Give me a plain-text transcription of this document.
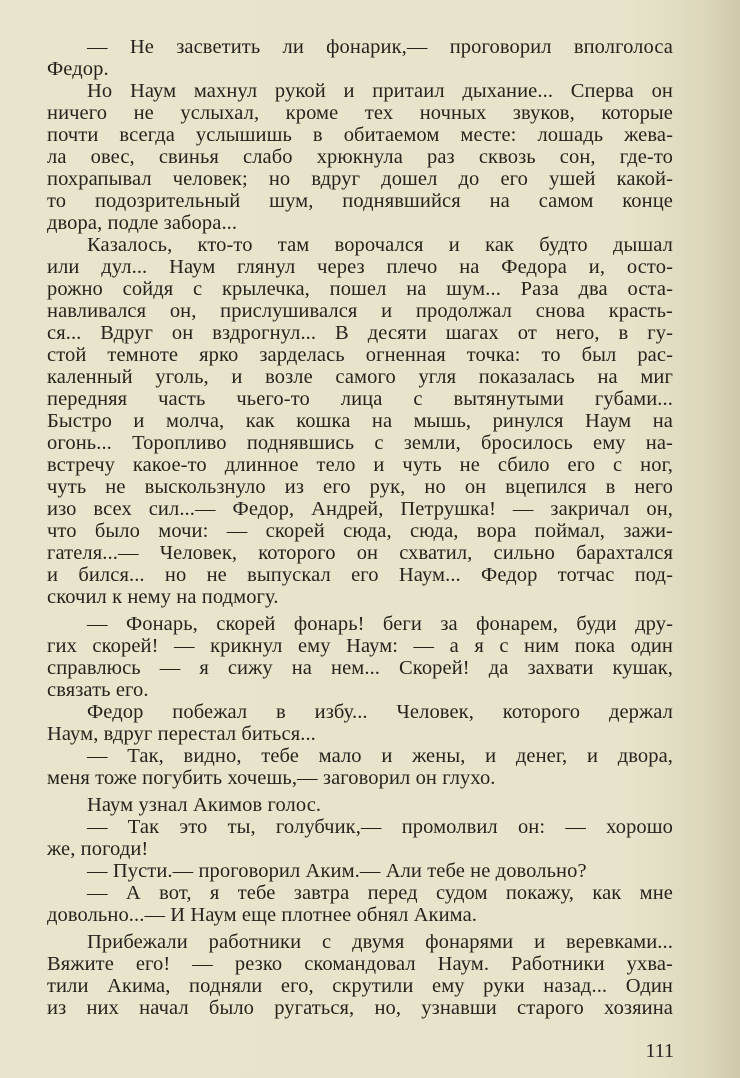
— Не засветить ли фонарик,— проговорил вполголоса
Федор.
Но Наум махнул рукой и притаил дыхание... Сперва он
ничего не услыхал, кроме тех ночных звуков, которые
почти всегда услышишь в обитаемом месте: лошадь жева-
ла овес, свинья слабо хрюкнула раз сквозь сон, где-то
похрапывал человек; но вдруг дошел до его ушей какой-
то подозрительный шум, поднявшийся на самом конце
двора, подле забора...
Казалось, кто-то там ворочался и как будто дышал
или дул... Наум глянул через плечо на Федора и, осто-
рожно сойдя с крылечка, пошел на шум... Раза два оста-
навливался он, прислушивался и продолжал снова красть-
ся... Вдруг он вздрогнул... В десяти шагах от него, в гу-
стой темноте ярко зарделась огненная точка: то был рас-
каленный уголь, и возле самого угля показалась на миг
передняя часть чьего-то лица с вытянутыми губами...
Быстро и молча, как кошка на мышь, ринулся Наум на
огонь... Торопливо поднявшись с земли, бросилось ему на-
встречу какое-то длинное тело и чуть не сбило его с ног,
чуть не выскользнуло из его рук, но он вцепился в него
изо всех сил...— Федор, Андрей, Петрушка! — закричал он,
что было мочи: — скорей сюда, сюда, вора поймал, зажи-
гателя...— Человек, которого он схватил, сильно барахтался
и бился... но не выпускал его Наум... Федор тотчас под-
скочил к нему на подмогу.
— Фонарь, скорей фонарь! беги за фонарем, буди дру-
гих скорей! — крикнул ему Наум: — а я с ним пока один
справлюсь — я сижу на нем... Скорей! да захвати кушак,
связать его.
Федор побежал в избу... Человек, которого держал
Наум, вдруг перестал биться...
— Так, видно, тебе мало и жены, и денег, и двора,
меня тоже погубить хочешь,— заговорил он глухо.
Наум узнал Акимов голос.
— Так это ты, голубчик,— промолвил он: — хорошо
же, погоди!
— Пусти.— проговорил Аким.— Али тебе не довольно?
— А вот, я тебе завтра перед судом покажу, как мне
довольно...— И Наум еще плотнее обнял Акима.
Прибежали работники с двумя фонарями и веревками...
Вяжите его! — резко скомандовал Наум. Работники ухва-
тили Акима, подняли его, скрутили ему руки назад... Один
из них начал было ругаться, но, узнавши старого хозяина
111
